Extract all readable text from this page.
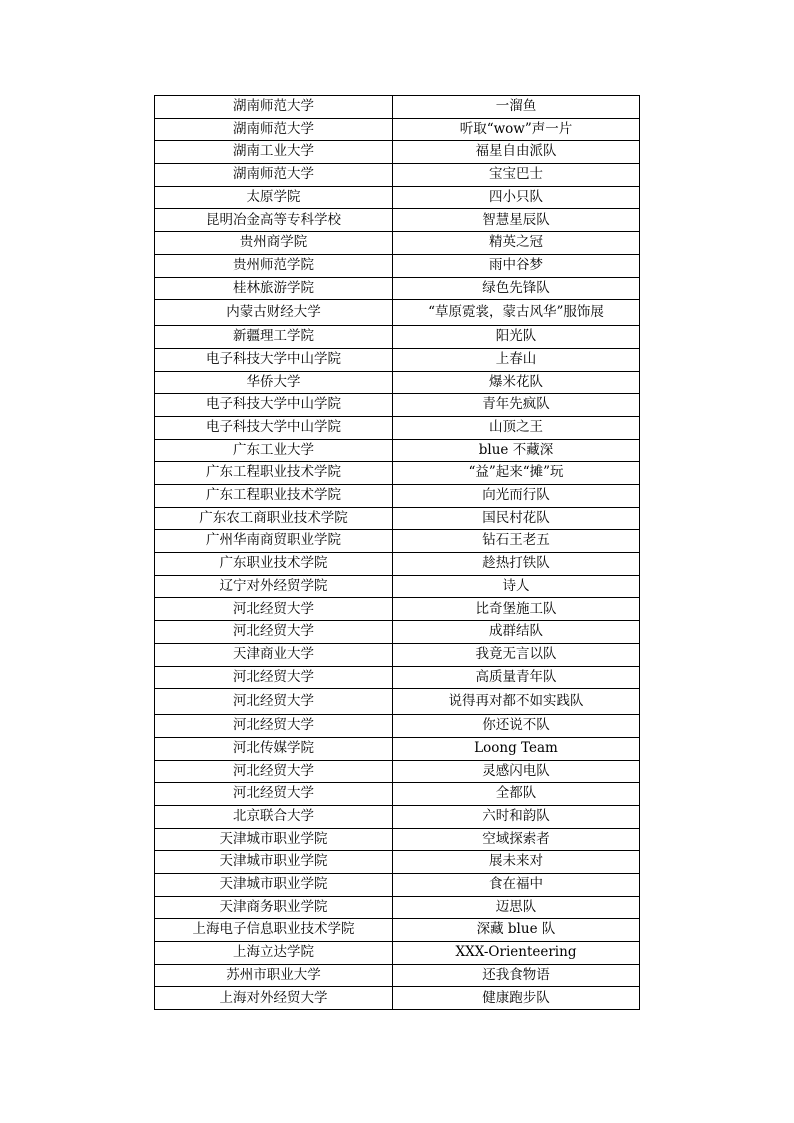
湖南师范大学	一溜鱼
湖南师范大学	听取“wow”声一片
湖南工业大学	福星自由派队
湖南师范大学	宝宝巴士
太原学院	四小只队
昆明冶金高等专科学校	智慧星辰队
贵州商学院	精英之冠
贵州师范学院	雨中谷梦
桂林旅游学院	绿色先锋队
内蒙古财经大学	“草原霓裳，蒙古风华”服饰展
新疆理工学院	阳光队
电子科技大学中山学院	上春山
华侨大学	爆米花队
电子科技大学中山学院	青年先疯队
电子科技大学中山学院	山顶之王
广东工业大学	blue 不藏深
广东工程职业技术学院	“益”起来“摊”玩
广东工程职业技术学院	向光而行队
广东农工商职业技术学院	国民村花队
广州华南商贸职业学院	钻石王老五
广东职业技术学院	趁热打铁队
辽宁对外经贸学院	诗人
河北经贸大学	比奇堡施工队
河北经贸大学	成群结队
天津商业大学	我竟无言以队
河北经贸大学	高质量青年队
河北经贸大学	说得再对都不如实践队
河北经贸大学	你还说不队
河北传媒学院	Loong Team
河北经贸大学	灵感闪电队
河北经贸大学	全都队
北京联合大学	六时和韵队
天津城市职业学院	空域探索者
天津城市职业学院	展未来对
天津城市职业学院	食在福中
天津商务职业学院	迈思队
上海电子信息职业技术学院	深藏 blue 队
上海立达学院	XXX-Orienteering
苏州市职业大学	还我食物语
上海对外经贸大学	健康跑步队
